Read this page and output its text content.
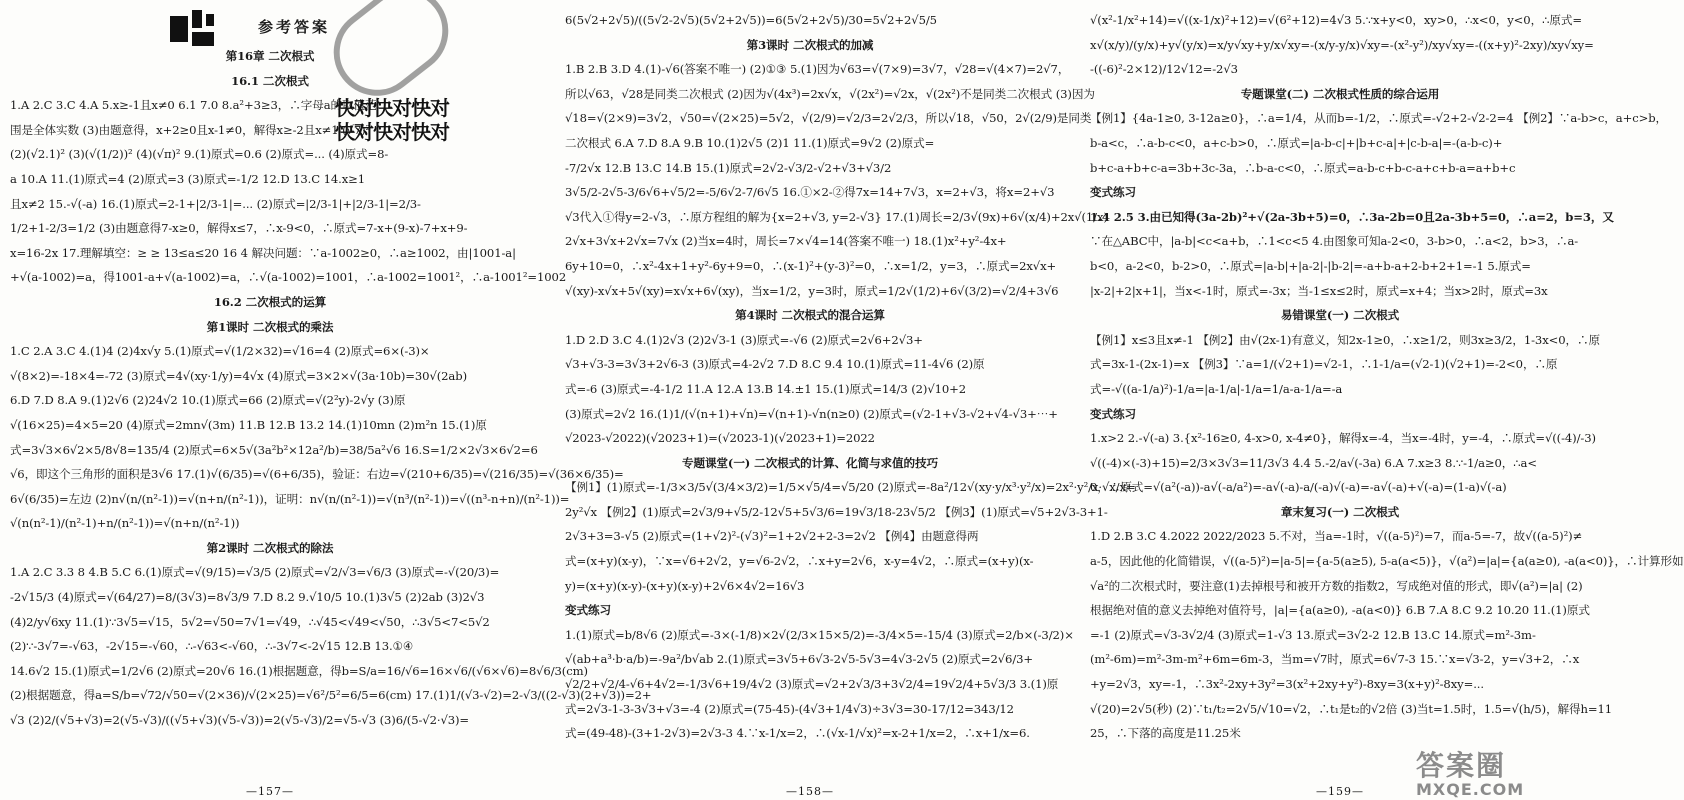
参考答案
第16章 二次根式
16.1 二次根式
1.A 2.C 3.C 4.A 5.x≥-1且x≠0 6.1 7.0 8.a²+3≥3，∴字母a的取值范
围是全体实数 (3)由题意得，x+2≥0且x-1≠0，解得x≥-2且x≠1 (√7)²
(2)(√2.1)² (3)(√(1/2))² (4)(√π)² 9.(1)原式=0.6 (2)原式=... (4)原式=8-
a 10.A 11.(1)原式=4 (2)原式=3 (3)原式=-1/2 12.D 13.C 14.x≥1
且x≠2 15.-√(-a) 16.(1)原式=2-1+|2/3-1|=... (2)原式=|2/3-1|+|2/3-1|=2/3-
1/2+1-2/3=1/2 (3)由题意得7-x≥0，解得x≤7，∴x-9<0，∴原式=7-x+(9-x)-7+x+9-
x=16-2x 17.理解填空：≥ ≥ 13≤a≤20 16 4 解决问题：∵a-1002≥0，∴a≥1002，由|1001-a|
+√(a-1002)=a，得1001-a+√(a-1002)=a，∴√(a-1002)=1001，∴a-1002=1001²，∴a-1001²=1002
16.2 二次根式的运算
第1课时 二次根式的乘法
1.C 2.A 3.C 4.(1)4 (2)4x√y 5.(1)原式=√(1/2×32)=√16=4 (2)原式=6×(-3)×
√(8×2)=-18×4=-72 (3)原式=4√(xy·1/y)=4√x (4)原式=3×2×√(3a·10b)=30√(2ab)
6.D 7.D 8.A 9.(1)2√6 (2)24√2 10.(1)原式=66 (2)原式=√(2²y)-2√y (3)原
√(16×25)=4×5=20 (4)原式=2mn√(3m) 11.B 12.B 13.2 14.(1)10mn (2)m²n 15.(1)原
式=3√3×6√2×5/8√8=135/4 (2)原式=6×5√(3a²b²×12a²/b)=38/5a²√6 16.S=1/2×2√3×6√2=6
√6，即这个三角形的面积是3√6 17.(1)√(6/35)=√(6+6/35)，验证：右边=√(210+6/35)=√(216/35)=√(36×6/35)=
6√(6/35)=左边 (2)n√(n/(n²-1))=√(n+n/(n²-1))，证明：n√(n/(n²-1))=√(n³/(n²-1))=√((n³-n+n)/(n²-1))=
√(n(n²-1)/(n²-1)+n/(n²-1))=√(n+n/(n²-1))
第2课时 二次根式的除法
1.A 2.C 3.3 8 4.B 5.C 6.(1)原式=√(9/15)=√3/5 (2)原式=√2/√3=√6/3 (3)原式=-√(20/3)=
-2√15/3 (4)原式=√(64/27)=8/(3√3)=8√3/9 7.D 8.2 9.√10/5 10.(1)3√5 (2)2ab (3)2√3
(4)2/y√6xy 11.(1)∵3√5=√15，5√2=√50=7√1=√49，∴√45<√49<√50，∴3√5<7<5√2
(2)∵-3√7=-√63，-2√15=-√60，∴-√63<-√60，∴-3√7<-2√15 12.B 13.①④
14.6√2 15.(1)原式=1/2√6 (2)原式=20√6 16.(1)根据题意，得b=S/a=16/√6=16×√6/(√6×√6)=8√6/3(cm)
(2)根据题意，得a=S/b=√72/√50=√(2×36)/√(2×25)=√6²/5²=6/5=6(cm) 17.(1)1/(√3-√2)=2-√3/((2-√3)(2+√3))=2+
√3 (2)2/(√5+√3)=2(√5-√3)/((√5+√3)(√5-√3))=2(√5-√3)/2=√5-√3 (3)6/(5-√2·√3)=
快对快对快对
快对快对快对
—157—
6(5√2+2√5)/((5√2-2√5)(5√2+2√5))=6(5√2+2√5)/30=5√2+2√5/5
第3课时 二次根式的加减
1.B 2.B 3.D 4.(1)-√6(答案不唯一) (2)①③ 5.(1)因为√63=√(7×9)=3√7，√28=√(4×7)=2√7，
所以√63，√28是同类二次根式 (2)因为√(4x³)=2x√x，√(2x²)=√2x，√(2x²)不是同类二次根式 (3)因为
√18=√(2×9)=3√2，√50=√(2×25)=5√2，√(2/9)=√2/3=2√2/3，所以√18，√50，2√(2/9)是同类
二次根式 6.A 7.D 8.A 9.B 10.(1)2√5 (2)1 11.(1)原式=9√2 (2)原式=
-7/2√x 12.B 13.C 14.B 15.(1)原式=2√2-√3/2-√2+√3+√3/2
3√5/2-2√5-3/6√6+√5/2=-5/6√2-7/6√5 16.①×2-②得7x=14+7√3，x=2+√3，将x=2+√3
√3代入①得y=2-√3，∴原方程组的解为{x=2+√3, y=2-√3} 17.(1)周长=2/3√(9x)+6√(x/4)+2x√(1/x)
2√x+3√x+2√x=7√x (2)当x=4时，周长=7×√4=14(答案不唯一) 18.(1)x²+y²-4x+
6y+10=0，∴x²-4x+1+y²-6y+9=0，∴(x-1)²+(y-3)²=0，∴x=1/2，y=3，∴原式=2x√x+
√(xy)-x√x+5√(xy)=x√x+6√(xy)，当x=1/2，y=3时，原式=1/2√(1/2)+6√(3/2)=√2/4+3√6
第4课时 二次根式的混合运算
1.D 2.D 3.C 4.(1)2√3 (2)2√3-1 (3)原式=-√6 (2)原式=2√6+2√3+
√3+√3-3=3√3+2√6-3 (3)原式=4-2√2 7.D 8.C 9.4 10.(1)原式=11-4√6 (2)原
式=-6 (3)原式=-4-1/2 11.A 12.A 13.B 14.±1 15.(1)原式=14/3 (2)√10+2
(3)原式=2√2 16.(1)1/(√(n+1)+√n)=√(n+1)-√n(n≥0) (2)原式=(√2-1+√3-√2+√4-√3+⋯+
√2023-√2022)(√2023+1)=(√2023-1)(√2023+1)=2022
专题课堂(一) 二次根式的计算、化简与求值的技巧
【例1】(1)原式=-1/3×3/5√(3/4×3/2)=1/5×√5/4=√5/20 (2)原式=-8a²/12√(xy·y/x³·y²/x)=2x²·y²/x·√x/x=
2y²√x 【例2】(1)原式=2√3/9+√5/2-12√5+5√3/6=19√3/18-23√5/2 【例3】(1)原式=√5+2√3-3+1-
2√3+3=3-√5 (2)原式=(1+√2)²-(√3)²=1+2√2+2-3=2√2 【例4】由题意得两
式=(x+y)(x-y)，∵x=√6+2√2，y=√6-2√2，∴x+y=2√6，x-y=4√2，∴原式=(x+y)(x-
y)=(x+y)(x-y)-(x+y)(x-y)+2√6×4√2=16√3
变式练习
1.(1)原式=b/8√6 (2)原式=-3×(-1/8)×2√(2/3×15×5/2)=-3/4×5=-15/4 (3)原式=2/b×(-3/2)×
√(ab+a³·b·a/b)=-9a²/b√ab 2.(1)原式=3√5+6√3-2√5-5√3=4√3-2√5 (2)原式=2√6/3+
√2/2+√2/4-√6+4√2=-1/3√6+19/4√2 (3)原式=√2+2√3/3+3√2/4=19√2/4+5√3/3 3.(1)原
式=2√3-1-3-3√3+√3=-4 (2)原式=(75-45)-(4√3+1/4√3)÷3√3=30-17/12=343/12
式=(49-48)-(3+1-2√3)=2√3-3 4.∵x-1/x=2，∴(√x-1/√x)²=x-2+1/x=2，∴x+1/x=6.
—158—
√(x²-1/x²+14)=√((x-1/x)²+12)=√(6²+12)=4√3 5.∵x+y<0，xy>0，∴x<0，y<0，∴原式=
x√(x/y)/(y/x)+y√(y/x)=x/y√xy+y/x√xy=-(x/y-y/x)√xy=-(x²-y²)/xy√xy=-((x+y)²-2xy)/xy√xy=
-((-6)²-2×12)/12√12=-2√3
专题课堂(二) 二次根式性质的综合运用
【例1】{4a-1≥0, 3-12a≥0}，∴a=1/4，从而b=-1/2，∴原式=-√2+2-√2-2=4 【例2】∵a-b>c，a+c>b，
b-a<c，∴a-b-c<0，a+c-b>0，∴原式=|a-b-c|+|b+c-a|+|c-b-a|=-(a-b-c)+
b+c-a+b+c-a=3b+3c-3a，∴b-a-c<0，∴原式=a-b-c+b-c-a+c+b-a=a+b+c
变式练习
1.4 2.5 3.由已知得(3a-2b)²+√(2a-3b+5)=0，∴3a-2b=0且2a-3b+5=0，∴a=2，b=3，又
∵在△ABC中，|a-b|<c<a+b，∴1<c<5 4.由图象可知a-2<0，3-b>0，∴a<2，b>3，∴a-
b<0，a-2<0，b-2>0，∴原式=|a-b|+|a-2|-|b-2|=-a+b-a+2-b+2+1=-1 5.原式=
|x-2|+2|x+1|，当x<-1时，原式=-3x；当-1≤x≤2时，原式=x+4；当x>2时，原式=3x
易错课堂(一) 二次根式
【例1】x≤3且x≠-1 【例2】由√(2x-1)有意义，知2x-1≥0，∴x≥1/2，则3x≥3/2，1-3x<0，∴原
式=3x-1-(2x-1)=x 【例3】∵a=1/(√2+1)=√2-1，∴1-1/a=(√2-1)(√2+1)=-2<0，∴原
式=-√((a-1/a)²)-1/a=|a-1/a|-1/a=1/a-a-1/a=-a
变式练习
1.x>2 2.-√(-a) 3.{x²-16≥0, 4-x>0, x-4≠0}，解得x=-4，当x=-4时，y=-4，∴原式=√((-4)/-3)
√((-4)×(-3)+15)=2/3×3√3=11/3√3 4.4 5.-2/a√(-3a) 6.A 7.x≥3 8.∵-1/a≥0，∴a<
0，∴原式=√(a²(-a))-a√(-a/a²)=-a√(-a)-a/(-a)√(-a)=-a√(-a)+√(-a)=(1-a)√(-a)
章末复习(一) 二次根式
1.D 2.B 3.C 4.2022 2022/2023 5.不对，当a=-1时，√((a-5)²)=7，而a-5=-7，故√((a-5)²)≠
a-5，因此他的化简错误，√((a-5)²)=|a-5|={a-5(a≥5), 5-a(a<5)}，√(a²)=|a|={a(a≥0), -a(a<0)}，∴计算形如
√a²的二次根式时，要注意(1)去掉根号和被开方数的指数2，写成绝对值的形式，即√(a²)=|a| (2)
根据绝对值的意义去掉绝对值符号，|a|={a(a≥0), -a(a<0)} 6.B 7.A 8.C 9.2 10.20 11.(1)原式
=-1 (2)原式=√3-3√2/4 (3)原式=1-√3 13.原式=3√2-2 12.B 13.C 14.原式=m²-3m-
(m²-6m)=m²-3m-m²+6m=6m-3，当m=√7时，原式=6√7-3 15.∵x=√3-2，y=√3+2，∴x
+y=2√3，xy=-1，∴3x²-2xy+3y²=3(x²+2xy+y²)-8xy=3(x+y)²-8xy=...
√(20)=2√5(秒) (2)∵t₁/t₂=2√5/√10=√2，∴t₁是t₂的√2倍 (3)当t=1.5时，1.5=√(h/5)，解得h=11
25，∴下落的高度是11.25米
—159—
答案圈
MXQE.COM
